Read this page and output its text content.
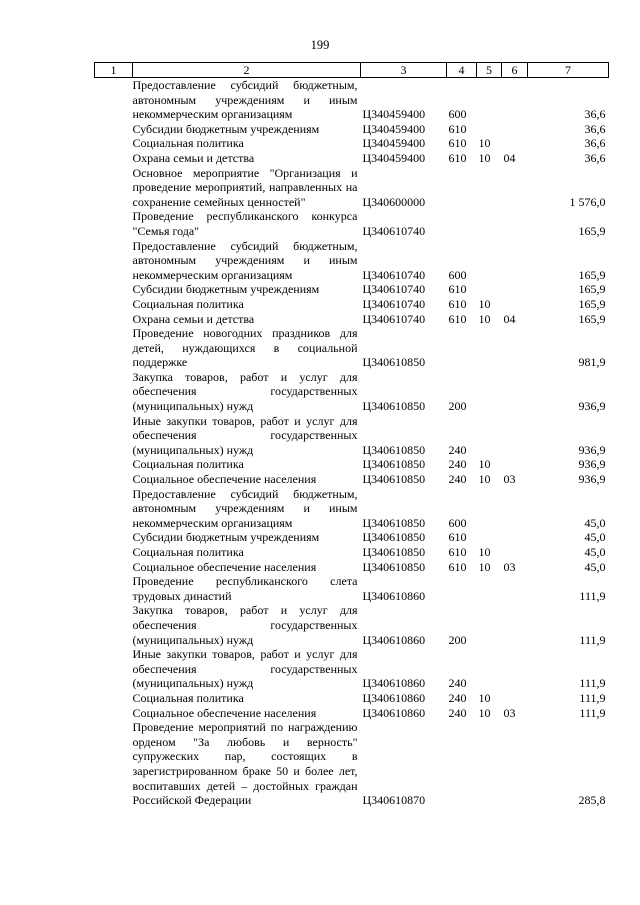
199
1	2	3	4	5	6	7
	Предоставление субсидий бюджетным, автономным учреждениям и иным некоммерческим организациям	Ц340459400	600			36,6
	Субсидии бюджетным учреждениям	Ц340459400	610			36,6
	Социальная политика	Ц340459400	610	10		36,6
	Охрана семьи и детства	Ц340459400	610	10	04	36,6
	Основное мероприятие "Организация и проведение мероприятий, направленных на сохранение семейных ценностей"	Ц340600000				1 576,0
	Проведение республиканского конкурса "Семья года"	Ц340610740				165,9
	Предоставление субсидий бюджетным, автономным учреждениям и иным некоммерческим организациям	Ц340610740	600			165,9
	Субсидии бюджетным учреждениям	Ц340610740	610			165,9
	Социальная политика	Ц340610740	610	10		165,9
	Охрана семьи и детства	Ц340610740	610	10	04	165,9
	Проведение новогодних праздников для детей, нуждающихся в социальной поддержке	Ц340610850				981,9
	Закупка товаров, работ и услуг для обеспечения государственных (муниципальных) нужд	Ц340610850	200			936,9
	Иные закупки товаров, работ и услуг для обеспечения государственных (муниципальных) нужд	Ц340610850	240			936,9
	Социальная политика	Ц340610850	240	10		936,9
	Социальное обеспечение населения	Ц340610850	240	10	03	936,9
	Предоставление субсидий бюджетным, автономным учреждениям и иным некоммерческим организациям	Ц340610850	600			45,0
	Субсидии бюджетным учреждениям	Ц340610850	610			45,0
	Социальная политика	Ц340610850	610	10		45,0
	Социальное обеспечение населения	Ц340610850	610	10	03	45,0
	Проведение республиканского слета трудовых династий	Ц340610860				111,9
	Закупка товаров, работ и услуг для обеспечения государственных (муниципальных) нужд	Ц340610860	200			111,9
	Иные закупки товаров, работ и услуг для обеспечения государственных (муниципальных) нужд	Ц340610860	240			111,9
	Социальная политика	Ц340610860	240	10		111,9
	Социальное обеспечение населения	Ц340610860	240	10	03	111,9
	Проведение мероприятий по награждению орденом "За любовь и верность" супружеских пар, состоящих в зарегистрированном браке 50 и более лет, воспитавших детей – достойных граждан Российской Федерации	Ц340610870				285,8
